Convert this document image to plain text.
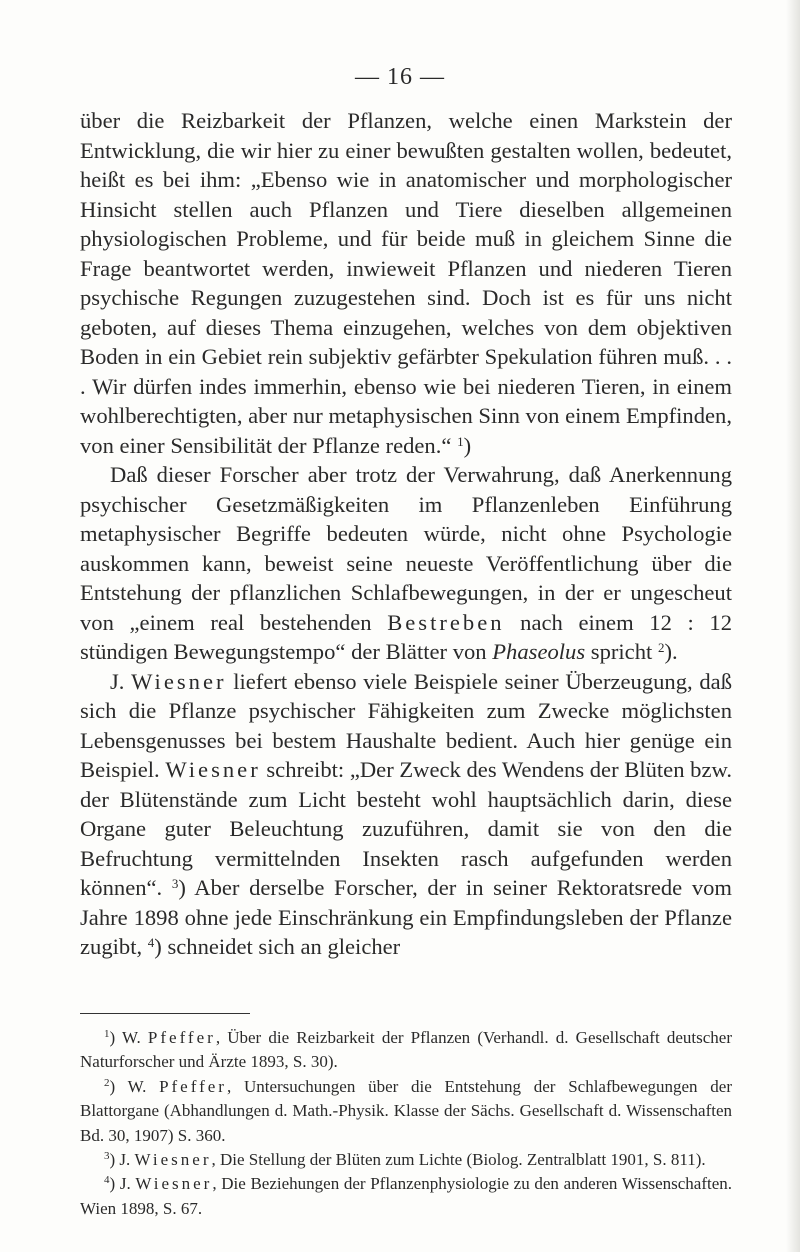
— 16 —

über die Reizbarkeit der Pflanzen, welche einen Markstein der Entwicklung, die wir hier zu einer bewußten gestalten wollen, bedeutet, heißt es bei ihm: „Ebenso wie in anatomischer und morphologischer Hinsicht stellen auch Pflanzen und Tiere dieselben allgemeinen physiologischen Probleme, und für beide muß in gleichem Sinne die Frage beantwortet werden, inwieweit Pflanzen und niederen Tieren psychische Regungen zuzugestehen sind. Doch ist es für uns nicht geboten, auf dieses Thema einzugehen, welches von dem objektiven Boden in ein Gebiet rein subjektiv gefärbter Spekulation führen muß. . . . Wir dürfen indes immerhin, ebenso wie bei niederen Tieren, in einem wohlberechtigten, aber nur metaphysischen Sinn von einem Empfinden, von einer Sensibilität der Pflanze reden.“ $^1$)

Daß dieser Forscher aber trotz der Verwahrung, daß Anerkennung psychischer Gesetzmäßigkeiten im Pflanzenleben Einführung metaphysischer Begriffe bedeuten würde, nicht ohne Psychologie auskommen kann, beweist seine neueste Veröffentlichung über die Entstehung der pflanzlichen Schlafbewegungen, in der er ungescheut von „einem real bestehenden Bestreben nach einem 12 : 12 stündigen Bewegungstempo“ der Blätter von Phaseolus spricht $^2$).

J. Wiesner liefert ebenso viele Beispiele seiner Überzeugung, daß sich die Pflanze psychischer Fähigkeiten zum Zwecke möglichsten Lebensgenusses bei bestem Haushalte bedient. Auch hier genüge ein Beispiel. Wiesner schreibt: „Der Zweck des Wendens der Blüten bzw. der Blütenstände zum Licht besteht wohl hauptsächlich darin, diese Organe guter Beleuchtung zuzuführen, damit sie von den die Befruchtung vermittelnden Insekten rasch aufgefunden werden können“. $^3$) Aber derselbe Forscher, der in seiner Rektoratsrede vom Jahre 1898 ohne jede Einschränkung ein Empfindungsleben der Pflanze zugibt, $^4$) schneidet sich an gleicher

$^1$) W. Pfeffer, Über die Reizbarkeit der Pflanzen (Verhandl. d. Gesellschaft deutscher Naturforscher und Ärzte 1893, S. 30).

$^2$) W. Pfeffer, Untersuchungen über die Entstehung der Schlafbewegungen der Blattorgane (Abhandlungen d. Math.-Physik. Klasse der Sächs. Gesellschaft d. Wissenschaften Bd. 30, 1907) S. 360.

$^3$) J. Wiesner, Die Stellung der Blüten zum Lichte (Biolog. Zentralblatt 1901, S. 811).

$^4$) J. Wiesner, Die Beziehungen der Pflanzenphysiologie zu den anderen Wissenschaften. Wien 1898, S. 67.
